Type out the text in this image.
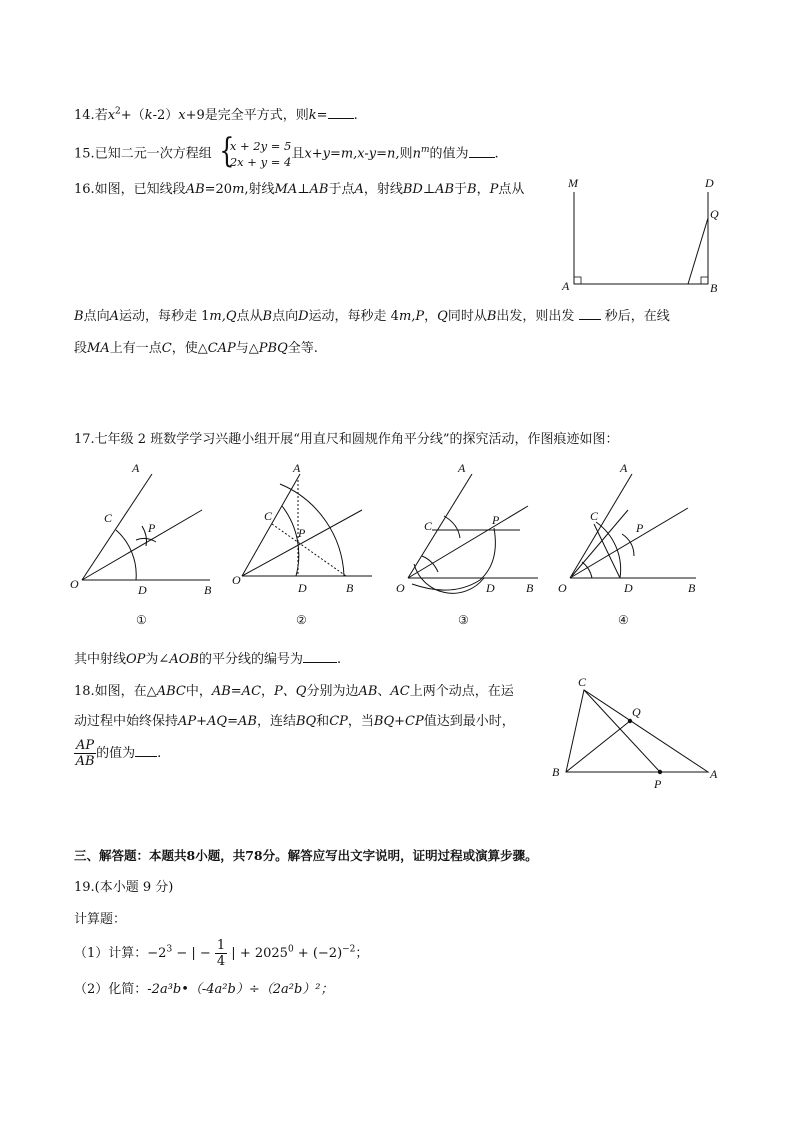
14.若$x^2+(k-2)x+9$是完全平方式，则k= .
15.已知二元一次方程组 {
x + 2y = 5
2x + y = 4且x+y=m,x-y=n,则$n^m$的值为 .
16.如图，已知线段AB=20m,射线MA⊥AB于点A，射线BD⊥AB于B，P点从	M	D
Q
A	B
B点向A运动，每秒走 1m,Q点从B点向D运动，每秒走 4m,P，Q同时从B出发，则出发 秒后，在线
段MA上有一点C，使△CAP与△PBQ全等.
17.七年级 2 班数学学习兴趣小组开展“用直尺和圆规作角平分线”的探究活动，作图痕迹如图：
A
C
P
O	D	B
①
A
C
P
O
D	B
②
A
C	P
O	D	B
③
A
C
P
O	D	B
④
其中射线OP为∠AOB的平分线的编号为	.
18.如图，在△ABC中，AB=AC，P、Q分别为边AB、AC上两个动点，在运
动过程中始终保持AP+AQ=AB，连结BQ和CP，当BQ+CP值达到最小时，
$\frac{AP}{AB}$ 的值为 .
C
Q
B
P
A
三、解答题：本题共8小题，共78分。解答应写出文字说明，证明过程或演算步骤。
19.(本小题 9 分)
计算题：
（1）计算：$-2^3$ − | − $\frac{1}{4}$ | + $2025^0 + (-2)^{-2}$；
（2）化简：-2a³b•（-4a²b）÷（2a²b）²；
